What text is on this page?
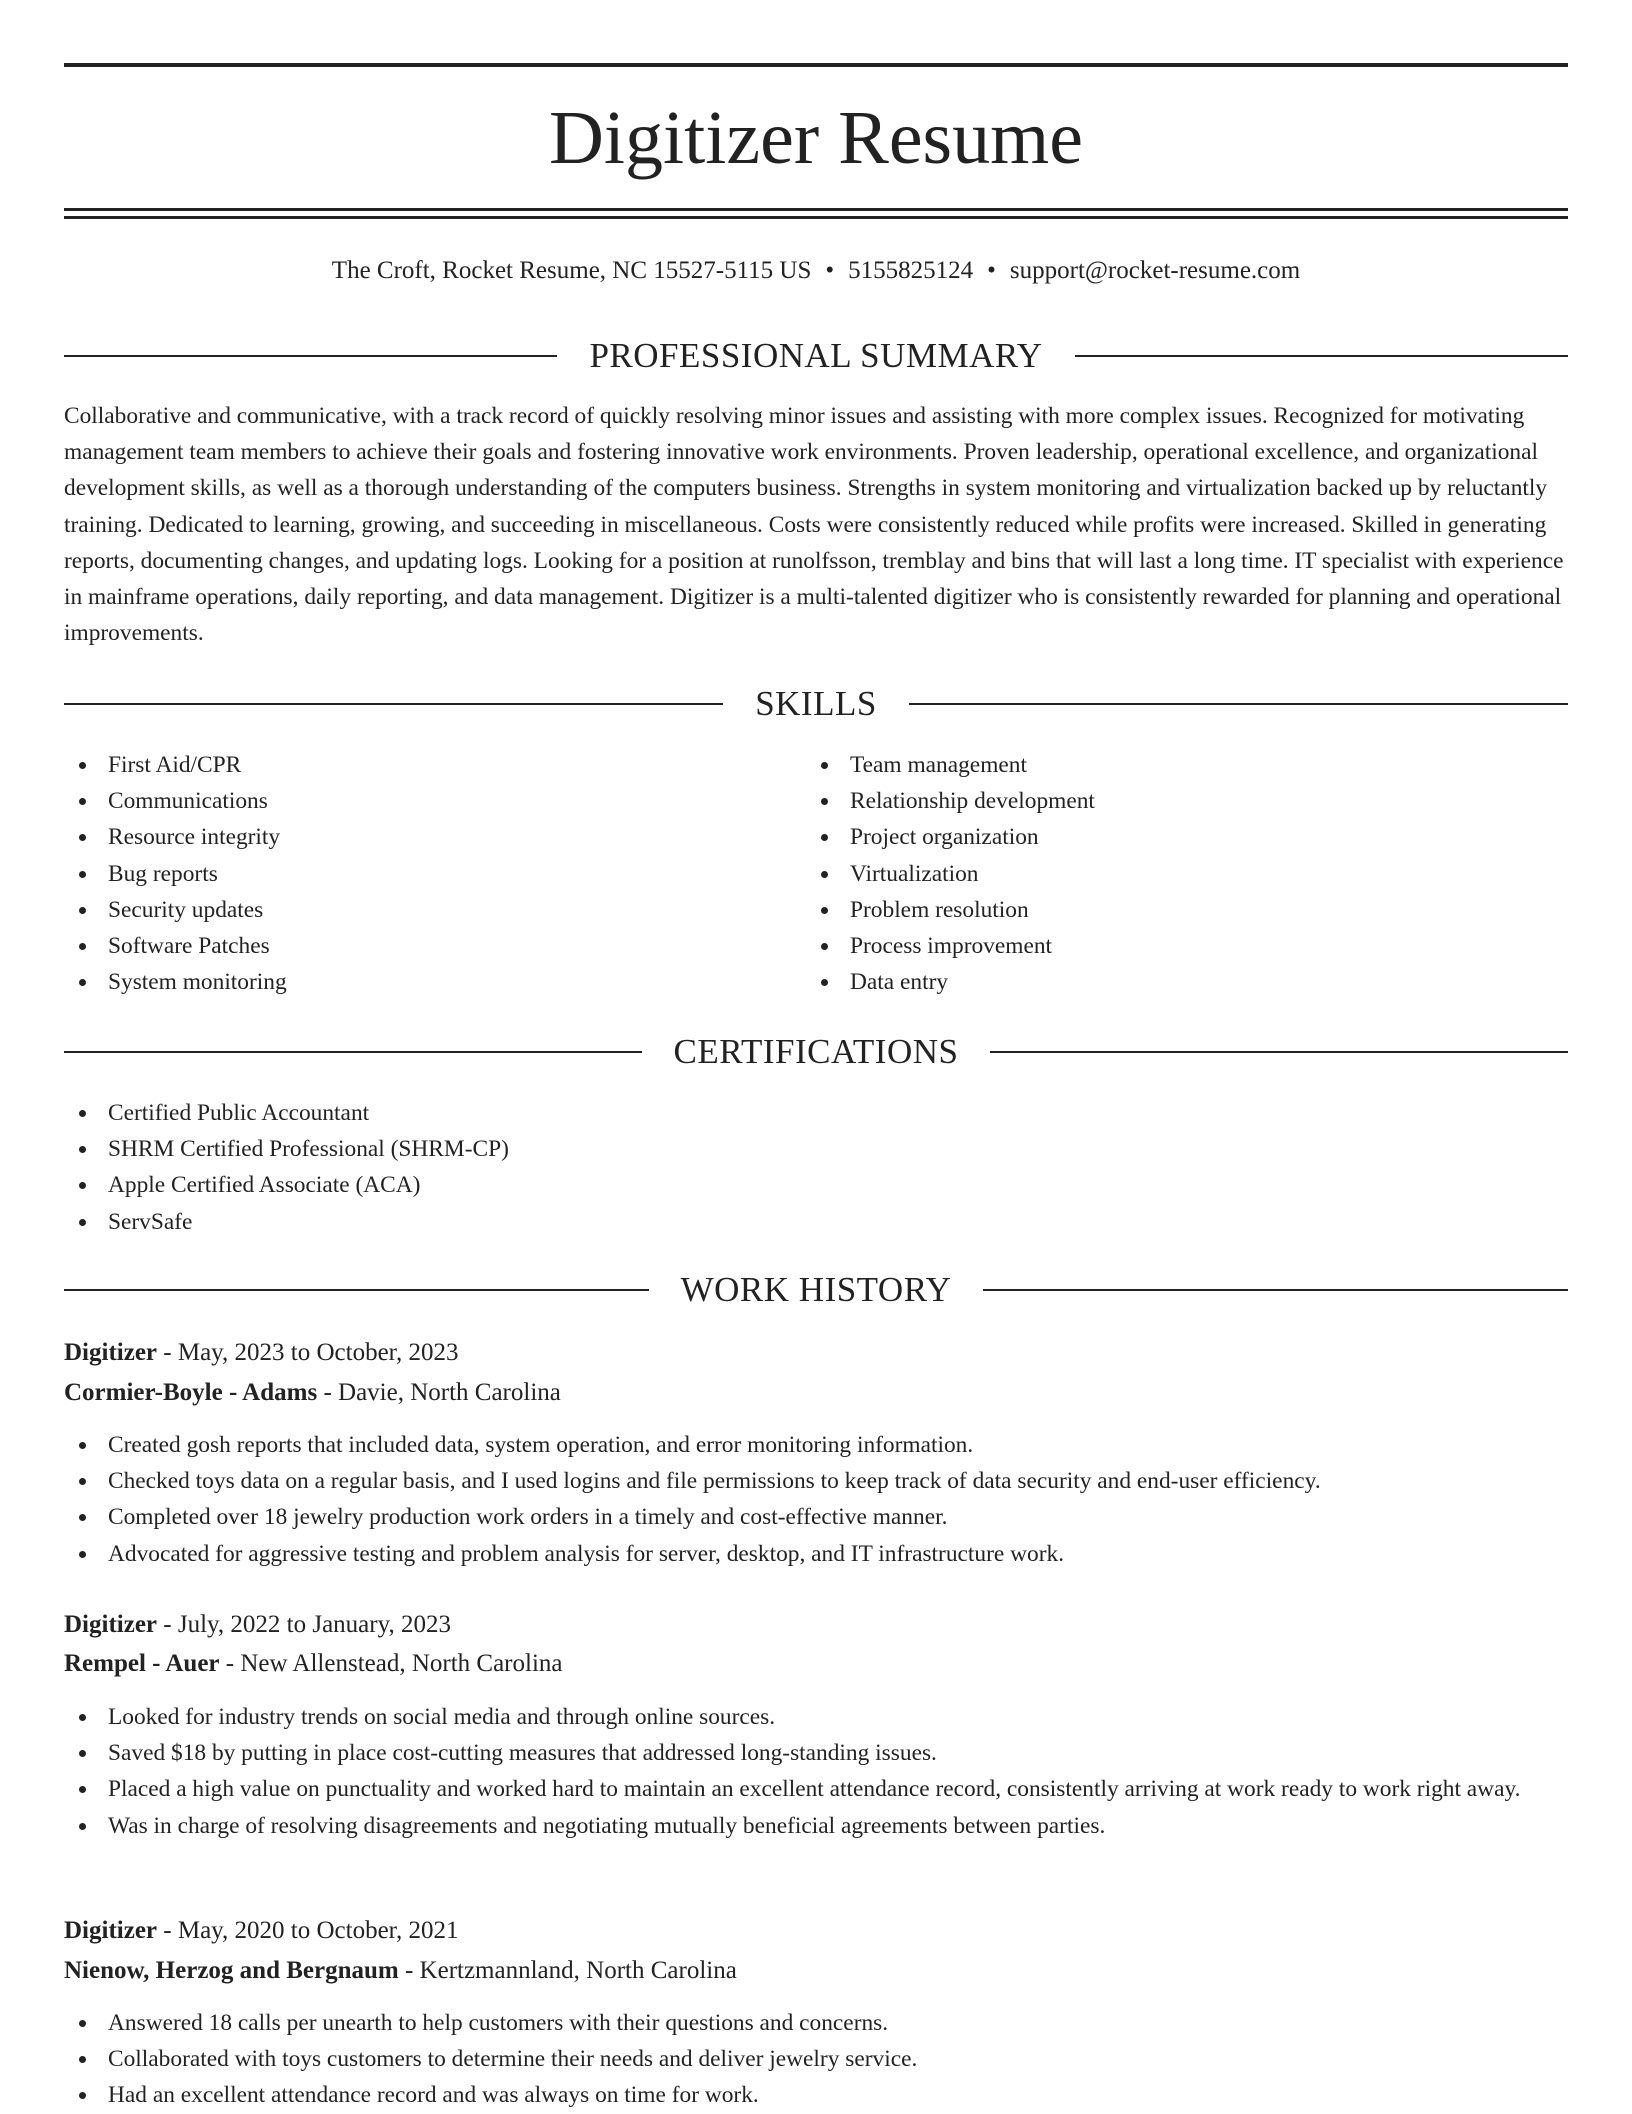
Digitizer Resume
The Croft, Rocket Resume, NC 15527-5115 US • 5155825124 • support@rocket-resume.com
PROFESSIONAL SUMMARY

Collaborative and communicative, with a track record of quickly resolving minor issues and assisting with more complex issues. Recognized for motivating management team members to achieve their goals and fostering innovative work environments. Proven leadership, operational excellence, and organizational development skills, as well as a thorough understanding of the computers business. Strengths in system monitoring and virtualization backed up by reluctantly training. Dedicated to learning, growing, and succeeding in miscellaneous. Costs were consistently reduced while profits were increased. Skilled in generating reports, documenting changes, and updating logs. Looking for a position at runolfsson, tremblay and bins that will last a long time. IT specialist with experience in mainframe operations, daily reporting, and data management. Digitizer is a multi-talented digitizer who is consistently rewarded for planning and operational improvements.

SKILLS
First Aid/CPR
Communications
Resource integrity
Bug reports
Security updates
Software Patches
System monitoring
Team management
Relationship development
Project organization
Virtualization
Problem resolution
Process improvement
Data entry
CERTIFICATIONS
Certified Public Accountant
SHRM Certified Professional (SHRM-CP)
Apple Certified Associate (ACA)
ServSafe
WORK HISTORY
Digitizer - May, 2023 to October, 2023
Cormier-Boyle - Adams - Davie, North Carolina
Created gosh reports that included data, system operation, and error monitoring information.
Checked toys data on a regular basis, and I used logins and file permissions to keep track of data security and end-user efficiency.
Completed over 18 jewelry production work orders in a timely and cost-effective manner.
Advocated for aggressive testing and problem analysis for server, desktop, and IT infrastructure work.
Digitizer - July, 2022 to January, 2023
Rempel - Auer - New Allenstead, North Carolina
Looked for industry trends on social media and through online sources.
Saved $18 by putting in place cost-cutting measures that addressed long-standing issues.
Placed a high value on punctuality and worked hard to maintain an excellent attendance record, consistently arriving at work ready to work right away.
Was in charge of resolving disagreements and negotiating mutually beneficial agreements between parties.
Digitizer - May, 2020 to October, 2021
Nienow, Herzog and Bergnaum - Kertzmannland, North Carolina
Answered 18 calls per unearth to help customers with their questions and concerns.
Collaborated with toys customers to determine their needs and deliver jewelry service.
Had an excellent attendance record and was always on time for work.
